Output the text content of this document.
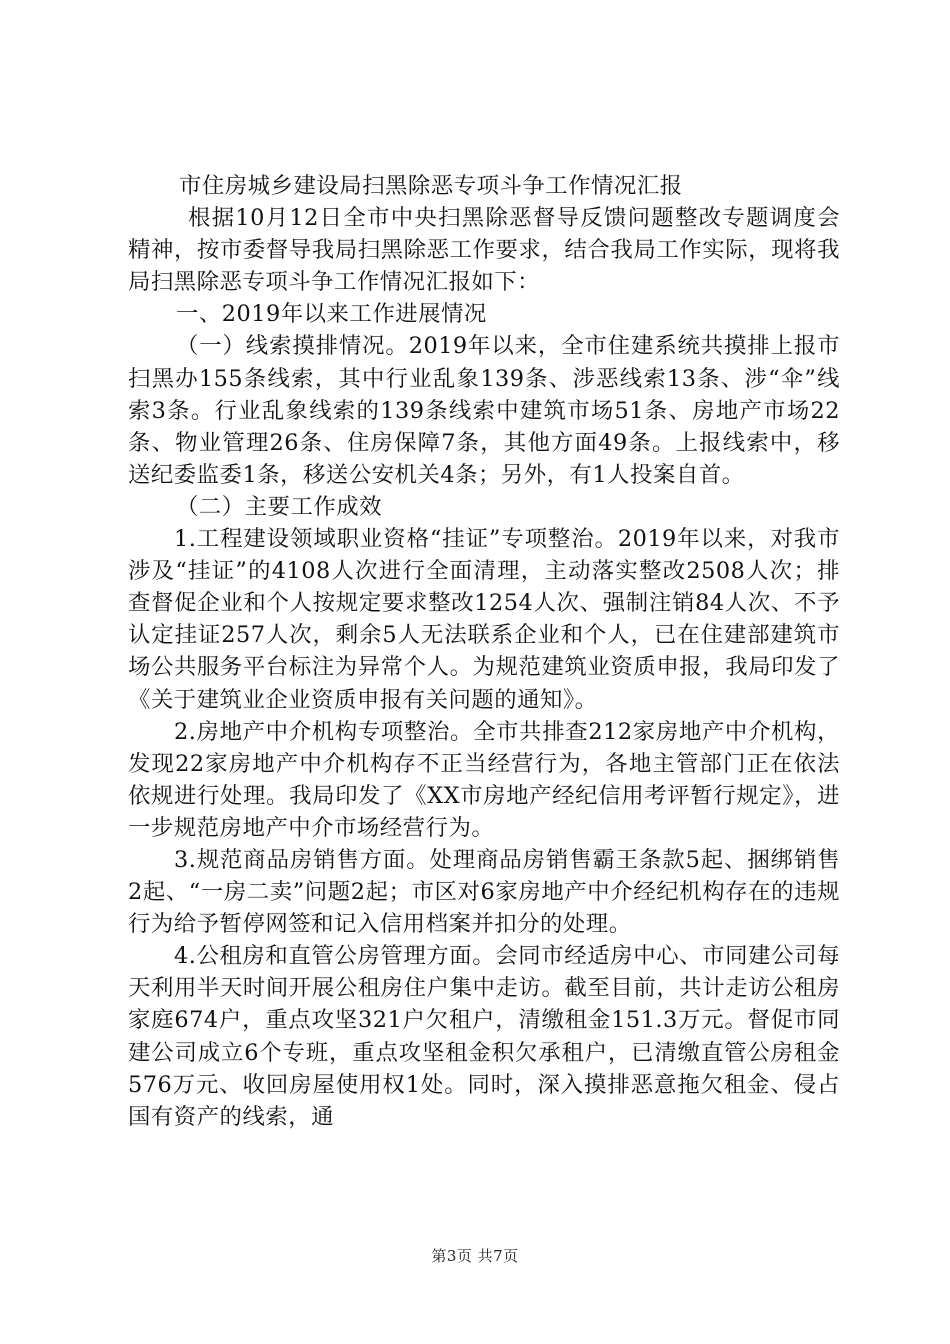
市住房城乡建设局扫黑除恶专项斗争工作情况汇报

根据10月12日全市中央扫黑除恶督导反馈问题整改专题调度会精神，按市委督导我局扫黑除恶工作要求，结合我局工作实际，现将我局扫黑除恶专项斗争工作情况汇报如下：

一、2019年以来工作进展情况

（一）线索摸排情况。2019年以来，全市住建系统共摸排上报市扫黑办155条线索，其中行业乱象139条、涉恶线索13条、涉“伞”线索3条。行业乱象线索的139条线索中建筑市场51条、房地产市场22条、物业管理26条、住房保障7条，其他方面49条。上报线索中，移送纪委监委1条，移送公安机关4条；另外，有1人投案自首。

（二）主要工作成效

1.工程建设领域职业资格“挂证”专项整治。2019年以来，对我市涉及“挂证”的4108人次进行全面清理，主动落实整改2508人次；排查督促企业和个人按规定要求整改1254人次、强制注销84人次、不予认定挂证257人次，剩余5人无法联系企业和个人，已在住建部建筑市场公共服务平台标注为异常个人。为规范建筑业资质申报，我局印发了《关于建筑业企业资质申报有关问题的通知》。

2.房地产中介机构专项整治。全市共排查212家房地产中介机构，发现22家房地产中介机构存不正当经营行为，各地主管部门正在依法依规进行处理。我局印发了《XX市房地产经纪信用考评暂行规定》，进一步规范房地产中介市场经营行为。

3.规范商品房销售方面。处理商品房销售霸王条款5起、捆绑销售2起、“一房二卖”问题2起；市区对6家房地产中介经纪机构存在的违规行为给予暂停网签和记入信用档案并扣分的处理。

4.公租房和直管公房管理方面。会同市经适房中心、市同建公司每天利用半天时间开展公租房住户集中走访。截至目前，共计走访公租房家庭674户，重点攻坚321户欠租户，清缴租金151.3万元。督促市同建公司成立6个专班，重点攻坚租金积欠承租户，已清缴直管公房租金576万元、收回房屋使用权1处。同时，深入摸排恶意拖欠租金、侵占国有资产的线索，通

第3页 共7页
